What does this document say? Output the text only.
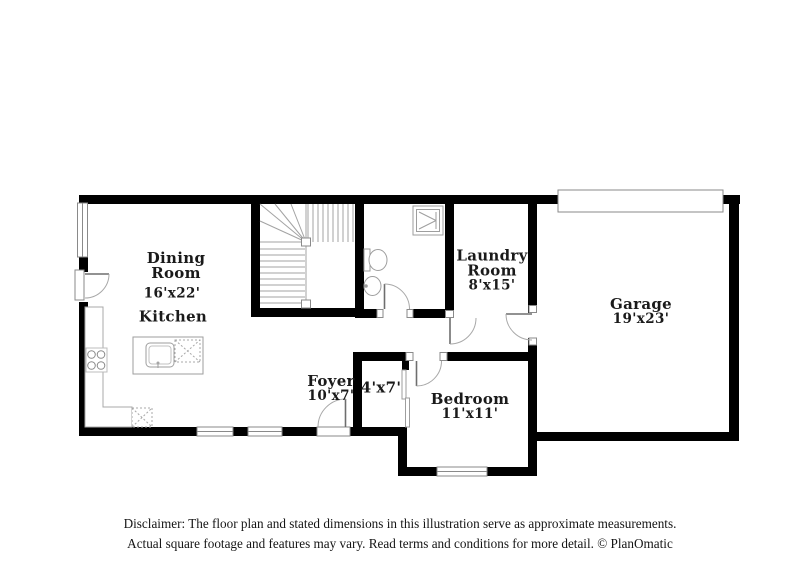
Dining
Room
16'x22'
Kitchen
Laundry
Room
8'x15'
Garage
19'x23'
Foyer
10'x7' 4'x7'
Bedroom
11'x11'
Disclaimer: The floor plan and stated dimensions in this illustration serve as approximate measurements.
Actual square footage and features may vary. Read terms and conditions for more detail. © PlanOmatic
